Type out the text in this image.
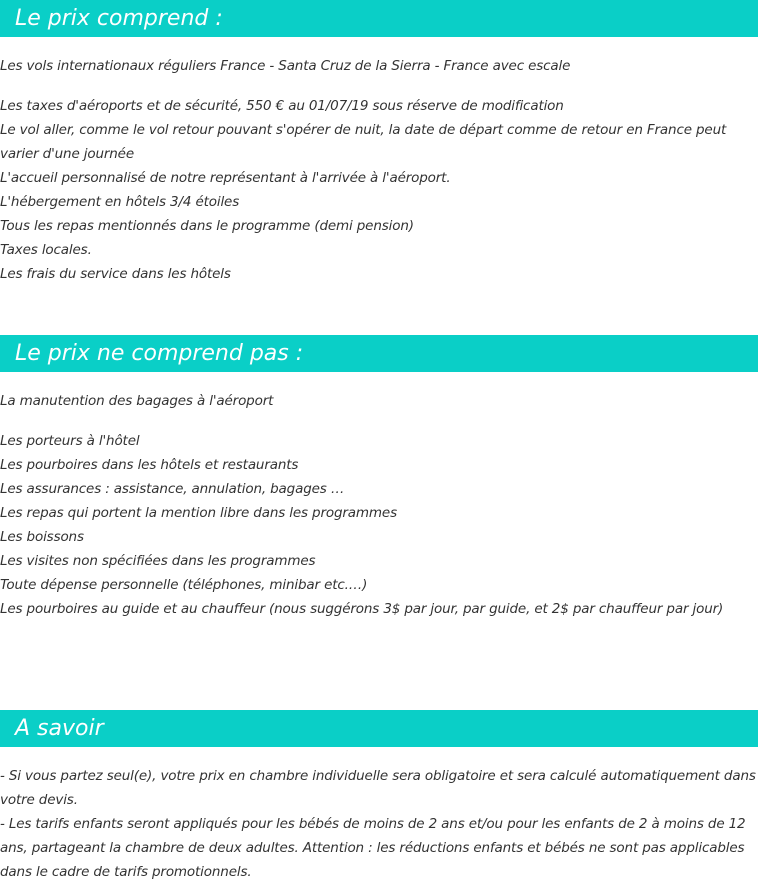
Le prix comprend :
Les vols internationaux réguliers France - Santa Cruz de la Sierra - France avec escale
Les taxes d'aéroports et de sécurité, 550 € au 01/07/19 sous réserve de modification
Le vol aller, comme le vol retour pouvant s'opérer de nuit, la date de départ comme de retour en France peut varier d'une journée
L'accueil personnalisé de notre représentant à l'arrivée à l'aéroport.
L'hébergement en hôtels 3/4 étoiles
Tous les repas mentionnés dans le programme (demi pension)
Taxes locales.
Les frais du service dans les hôtels
Le prix ne comprend pas :
La manutention des bagages à l'aéroport
Les porteurs à l'hôtel
Les pourboires dans les hôtels et restaurants
Les assurances : assistance, annulation, bagages …
Les repas qui portent la mention libre dans les programmes
Les boissons
Les visites non spécifiées dans les programmes
Toute dépense personnelle (téléphones, minibar etc.…)
Les pourboires au guide et au chauffeur (nous suggérons 3$ par jour, par guide, et 2$ par chauffeur par jour)
A savoir
- Si vous partez seul(e), votre prix en chambre individuelle sera obligatoire et sera calculé automatiquement dans votre devis.
- Les tarifs enfants seront appliqués pour les bébés de moins de 2 ans et/ou pour les enfants de 2 à moins de 12 ans, partageant la chambre de deux adultes. Attention : les réductions enfants et bébés ne sont pas applicables dans le cadre de tarifs promotionnels.
